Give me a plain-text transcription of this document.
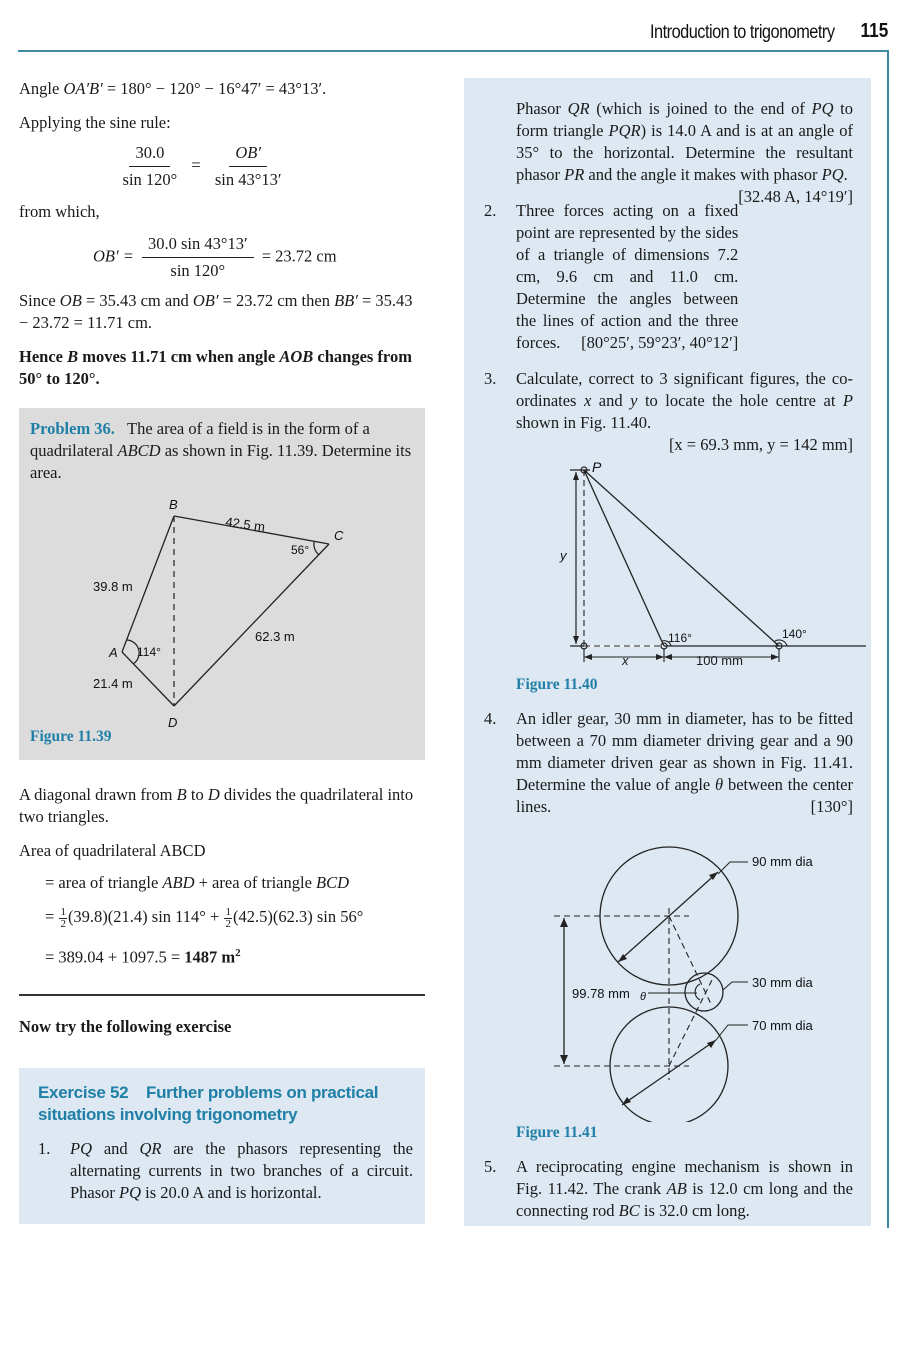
Introduction to trigonometry 115

Angle OA′B′ = 180° − 120° − 16°47′ = 43°13′.

Applying the sine rule:

$\frac{30.0}{\sin 120^\circ} = \frac{OB'}{\sin 43^\circ 13'}$

from which,

$OB' = \frac{30.0 \sin 43^\circ 13'}{\sin 120^\circ} = 23.72$ cm

Since OB = 35.43 cm and OB′ = 23.72 cm then BB′ = 35.43 − 23.72 = 11.71 cm.

Hence B moves 11.71 cm when angle AOB changes from 50° to 120°.

Problem 36.   The area of a field is in the form of a quadrilateral ABCD as shown in Fig. 11.39. Determine its area.

B
C
A
D
42.5 m
56°
39.8 m
114°
62.3 m
21.4 m
Figure 11.39

A diagonal drawn from B to D divides the quadrilateral into two triangles.

Area of quadrilateral ABCD

= area of triangle ABD + area of triangle BCD

= $\frac{1}{2} (39.8)(21.4)$ $\sin 114^\circ + \frac{1}{2} (42.5)(62.3)$ sin 56°

= 389.04 + 1097.5 = 1487 $m^2$

Now try the following exercise

Exercise 52 Further problems on practical situations involving trigonometry
1.	PQ and QR are the phasors representing the alternating currents in two branches of a circuit. Phasor PQ is 20.0 A and is horizontal.
Phasor QR (which is joined to the end of PQ to form triangle PQR) is 14.0 A and is at an angle of 35° to the horizontal. Determine the resultant phasor PR and the angle it makes with phasor PQ.
[32.48 A, 14°19′]
2.	Three forces acting on a fixed point are represented by the sides of a triangle of dimensions 7.2 cm, 9.6 cm and 11.0 cm. Determine the angles between the lines of action and the three forces. [80°25′, 59°23′, 40°12′]
3.	Calculate, correct to 3 significant figures, the co-ordinates x and y to locate the hole centre at P shown in Fig. 11.40.

[x = 69.3 mm, y = 142 mm]
P
y
116°	140°
x	100 mm
Figure 11.40
4.	An idler gear, 30 mm in diameter, has to be fitted between a 70 mm diameter driving gear and a 90 mm diameter driven gear as shown in Fig. 11.41. Determine the value of angle θ between the center lines.	[130°]
90 mm dia
30 mm dia
70 mm dia
99.78 mm θ
Figure 11.41
5.	A reciprocating engine mechanism is shown in Fig. 11.42. The crank AB is 12.0 cm long and the connecting rod BC is 32.0 cm long.
